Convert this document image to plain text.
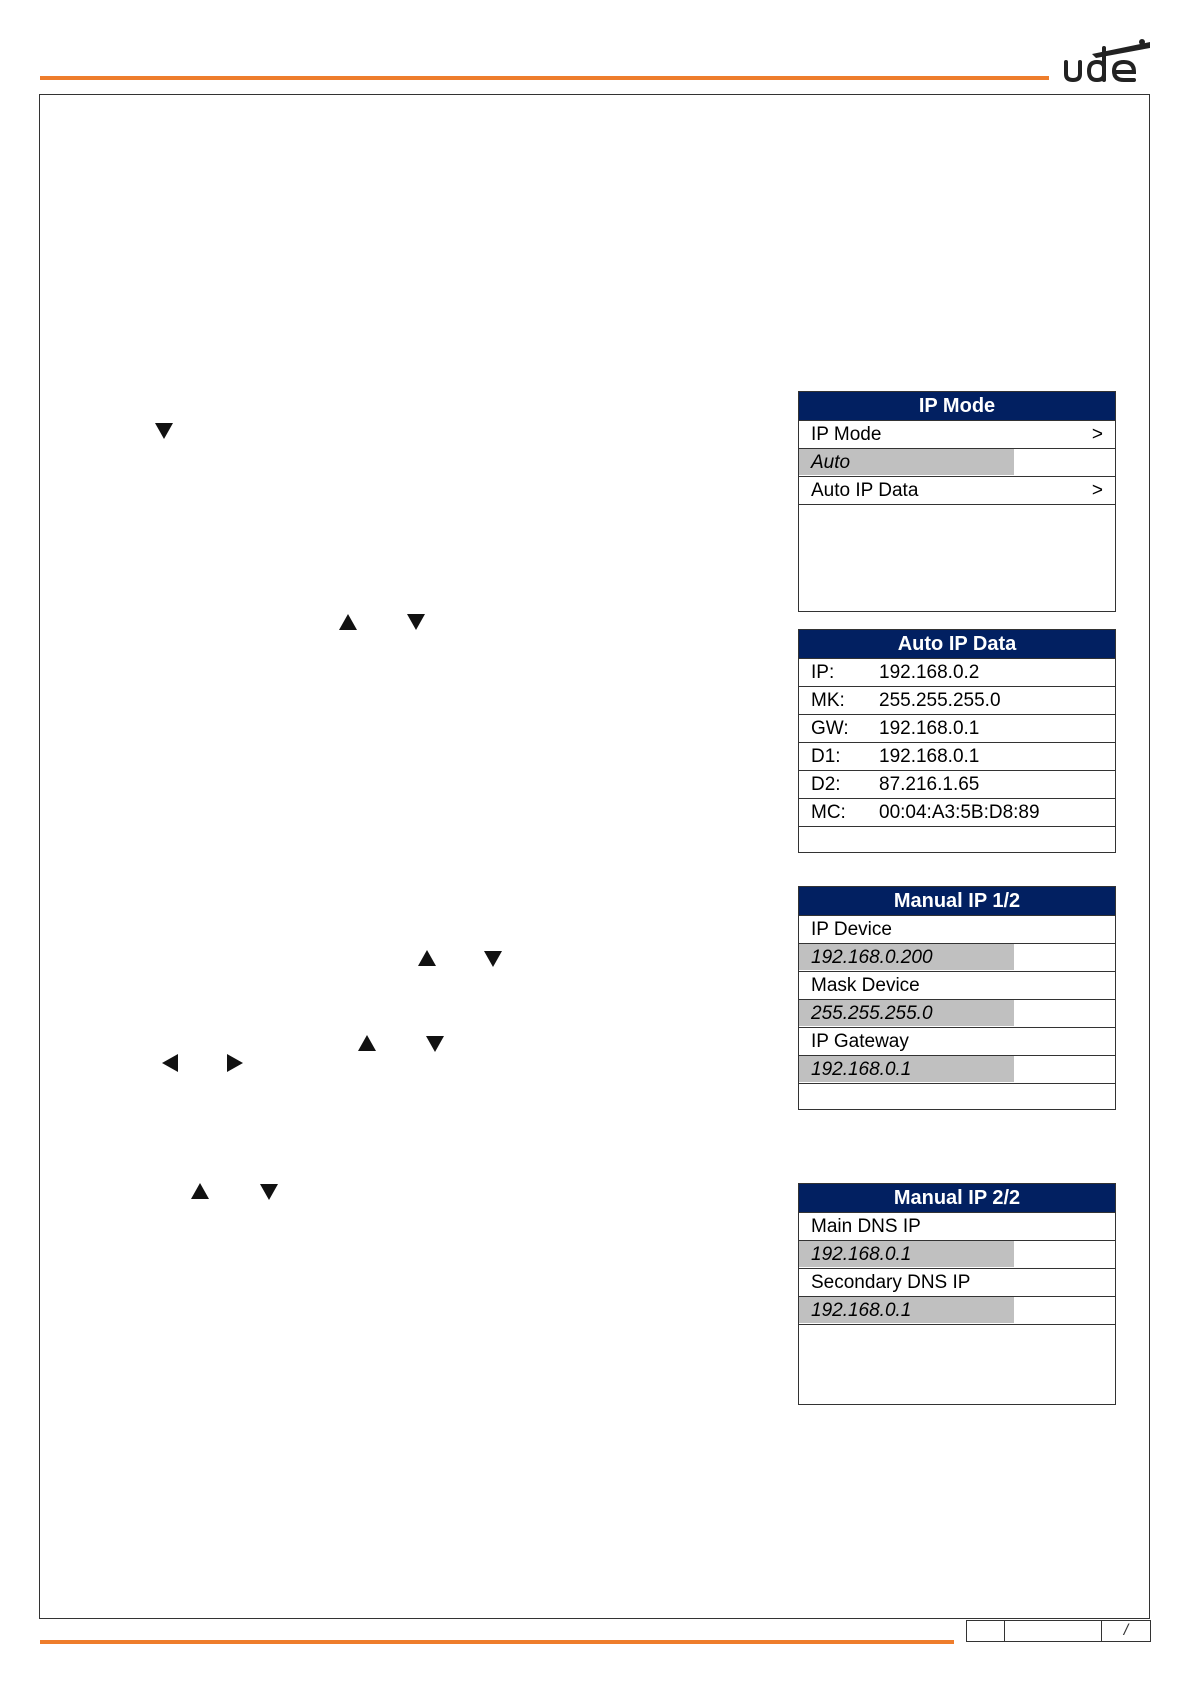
IP Mode
IP Mode	>
Auto
Auto IP Data	>
Auto IP Data
IP: 192.168.0.2
MK: 255.255.255.0
GW: 192.168.0.1
D1: 192.168.0.1
D2: 87.216.1.65
MC: 00:04:A3:5B:D8:89
Manual IP 1/2
IP Device
192.168.0.200
Mask Device
255.255.255.0
IP Gateway
192.168.0.1
Manual IP 2/2
Main DNS IP
192.168.0.1
Secondary DNS IP
192.168.0.1
/
